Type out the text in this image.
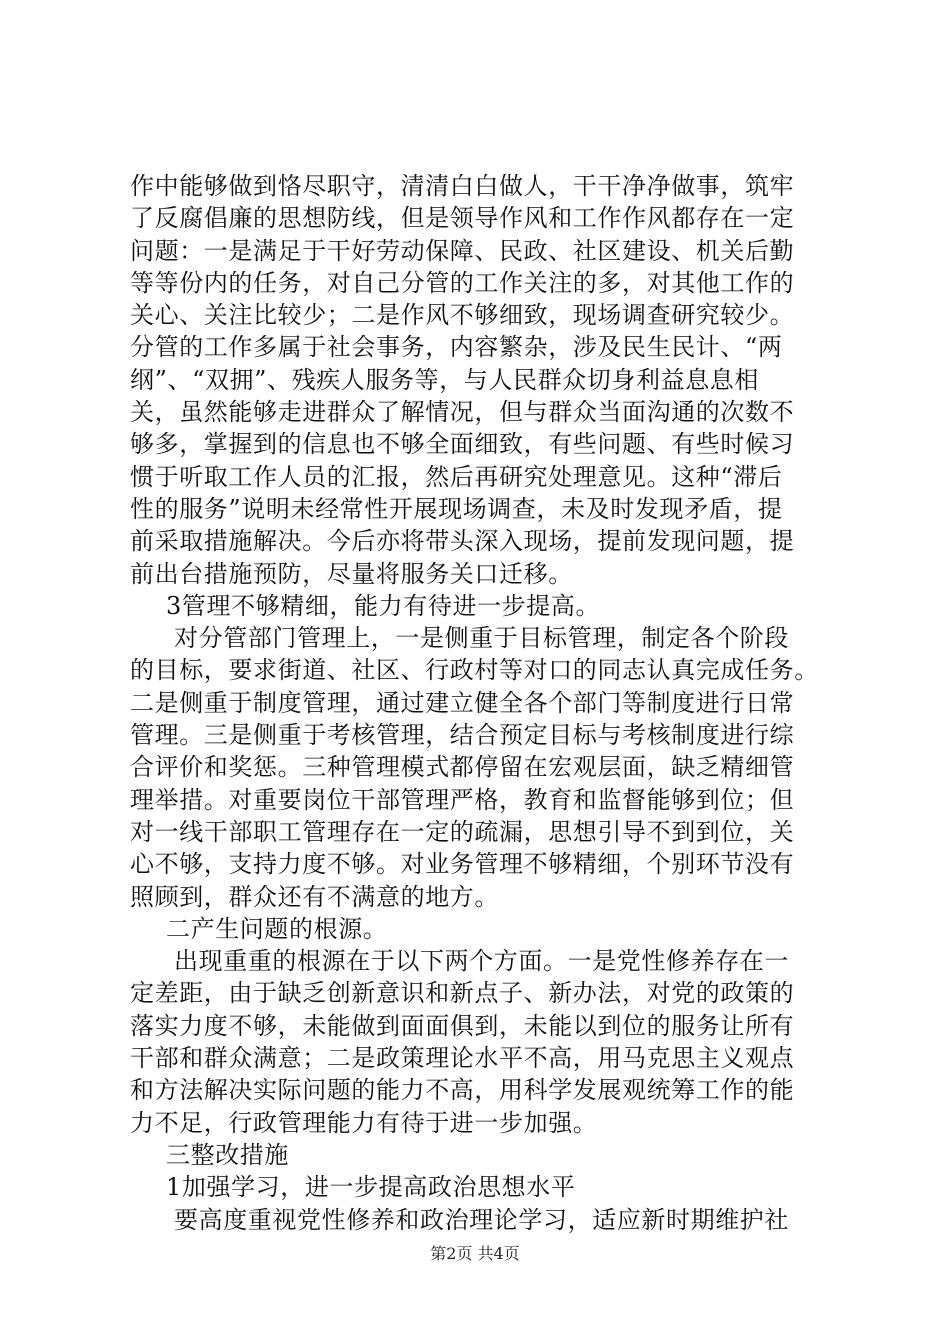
作中能够做到恪尽职守，清清白白做人，干干净净做事，筑牢
了反腐倡廉的思想防线，但是领导作风和工作作风都存在一定
问题：一是满足于干好劳动保障、民政、社区建设、机关后勤
等等份内的任务，对自己分管的工作关注的多，对其他工作的
关心、关注比较少；二是作风不够细致，现场调查研究较少。
分管的工作多属于社会事务，内容繁杂，涉及民生民计、“两
纲”、“双拥”、残疾人服务等，与人民群众切身利益息息相
关，虽然能够走进群众了解情况，但与群众当面沟通的次数不
够多，掌握到的信息也不够全面细致，有些问题、有些时候习
惯于听取工作人员的汇报，然后再研究处理意见。这种“滞后
性的服务”说明未经常性开展现场调查，未及时发现矛盾，提
前采取措施解决。今后亦将带头深入现场，提前发现问题，提
前出台措施预防，尽量将服务关口迁移。
3管理不够精细，能力有待进一步提高。
对分管部门管理上，一是侧重于目标管理，制定各个阶段
的目标，要求街道、社区、行政村等对口的同志认真完成任务。
二是侧重于制度管理，通过建立健全各个部门等制度进行日常
管理。三是侧重于考核管理，结合预定目标与考核制度进行综
合评价和奖惩。三种管理模式都停留在宏观层面，缺乏精细管
理举措。对重要岗位干部管理严格，教育和监督能够到位；但
对一线干部职工管理存在一定的疏漏，思想引导不到到位，关
心不够，支持力度不够。对业务管理不够精细，个别环节没有
照顾到，群众还有不满意的地方。
二产生问题的根源。
出现重重的根源在于以下两个方面。一是党性修养存在一
定差距，由于缺乏创新意识和新点子、新办法，对党的政策的
落实力度不够，未能做到面面俱到，未能以到位的服务让所有
干部和群众满意；二是政策理论水平不高，用马克思主义观点
和方法解决实际问题的能力不高，用科学发展观统筹工作的能
力不足，行政管理能力有待于进一步加强。
三整改措施
1加强学习，进一步提高政治思想水平
要高度重视党性修养和政治理论学习，适应新时期维护社
第2页 共4页
